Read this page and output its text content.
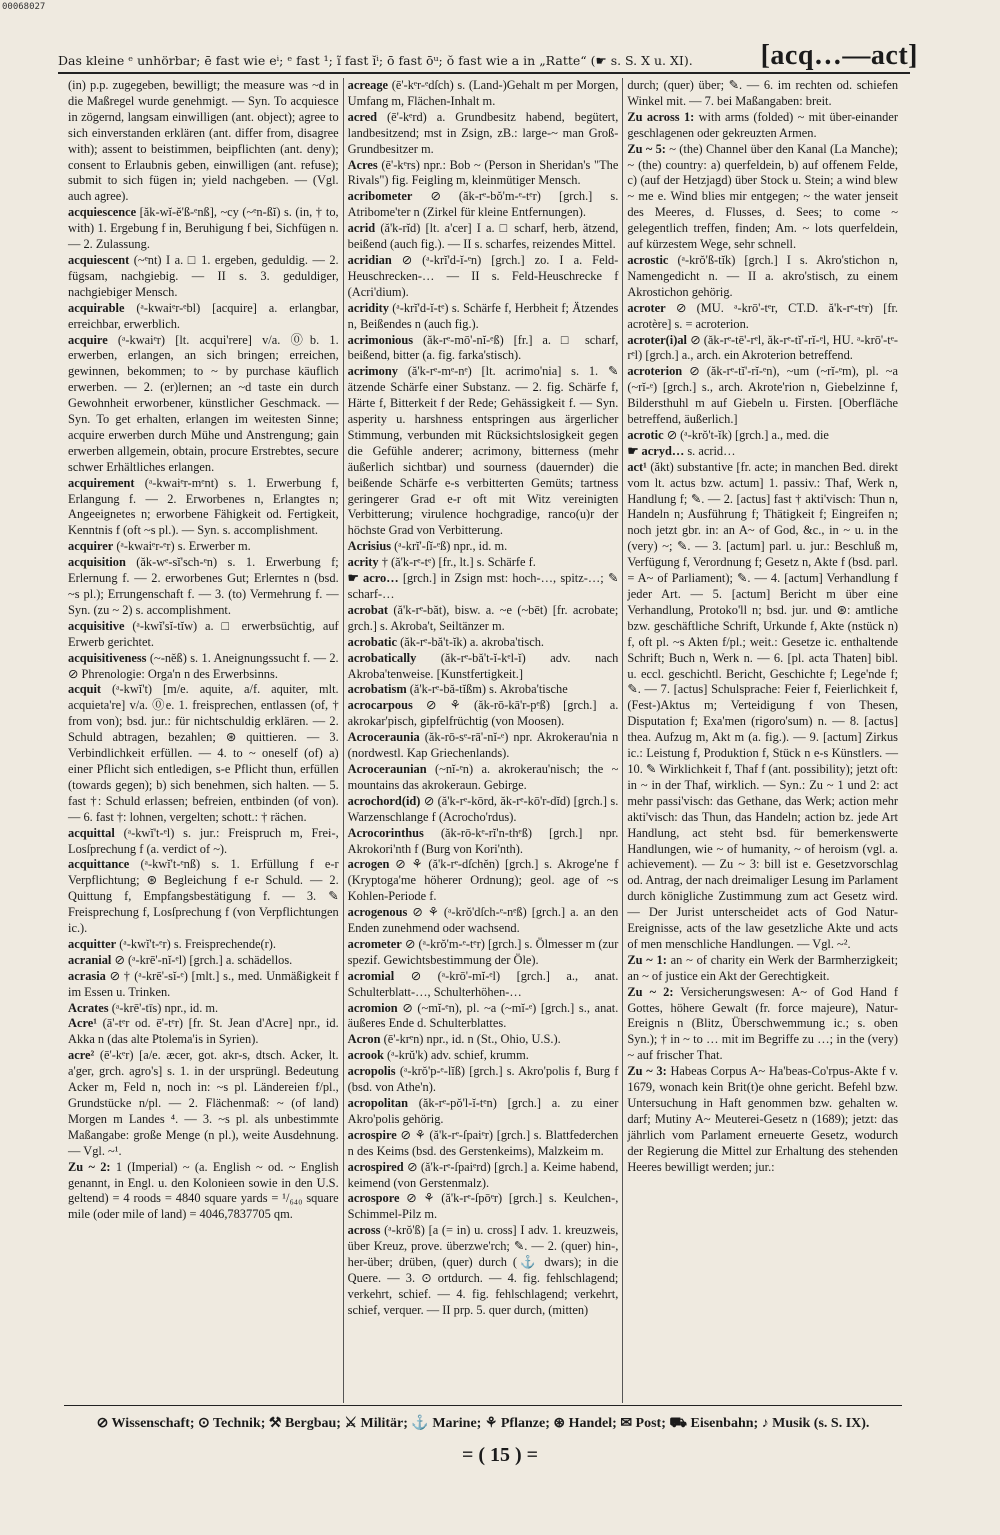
00068027
Das kleine ᵉ unhörbar; ē fast wie eⁱ; ᵉ fast ¹; ĩ fast ĭⁱ; ō fast ōᵘ; ŏ fast wie a in „Ratte“ (☛ s. S. X u. XI). [acq…—act]

(in) p.p. zugegeben, bewilligt; the measure was ~d in die Maßregel wurde genehmigt. — Syn. To acquiesce in zögernd, langsam einwilligen (ant. object); agree to sich einverstanden erklären (ant. differ from, disagree with); assent to beistimmen, beipflichten (ant. deny); consent to Erlaubnis geben, einwilligen (ant. refuse); submit to sich fügen in; yield nachgeben. — (Vgl. auch agree).

acquiescence [ăk-wĭ-ĕ'ß-ᵉnß], ~cy (~ᵉn-ßĭ) s. (in, † to, with) 1. Ergebung f in, Beruhigung f bei, Sichfügen n.— 2. Zulassung.

acquiescent (~ᵉnt) I a. □ 1. ergeben, geduldig. — 2. fügsam, nachgiebig. — II s. 3. geduldiger, nachgiebiger Mensch.

acquirable (ᵃ-kwaiᵉr-ᵉbl) [acquire] a. erlangbar, erreichbar, erwerblich.

acquire (ᵃ-kwaiᵉr) [lt. acqui'rere] v/a. ⓪b. 1. erwerben, erlangen, an sich bringen; erreichen, gewinnen, bekommen; to ~ by purchase käuflich erwerben. — 2. (er)lernen; an ~d taste ein durch Gewohnheit erworbener, künstlicher Geschmack. — Syn. To get erhalten, erlangen im weitesten Sinne; acquire erwerben durch Mühe und Anstrengung; gain erwerben allgemein, obtain, procure Erstrebtes, secure schwer Erhältliches erlangen.

acquirement (ᵃ-kwaiᵉr-mᵉnt) s. 1. Erwerbung f, Erlangung f. — 2. Erworbenes n, Erlangtes n; Angeeignetes n; erworbene Fähigkeit od. Fertigkeit, Kenntnis f (oft ~s pl.). — Syn. s. accomplishment.

acquirer (ᵃ-kwaiᵉr-ᵉr) s. Erwerber m.

acquisition (ăk-wᵉ-sĭ'sch-ᵉn) s. 1. Erwerbung f; Erlernung f. — 2. erworbenes Gut; Erlerntes n (bsd. ~s pl.); Errungenschaft f. — 3. (to) Vermehrung f. — Syn. (zu ~ 2) s. accomplishment.

acquisitive (ᵃ-kwĭ'sĭ-tĭw) a. □ erwerbsüchtig, auf Erwerb gerichtet.

acquisitiveness (~-nĕß) s. 1. Aneignungssucht f. — 2. ⊘ Phrenologie: Orga'n n des Erwerbsinns.

acquit (ᵃ-kwĭ't) [m/e. aquite, a/f. aquiter, mlt. acquieta're] v/a. ⓪e. 1. freisprechen, entlassen (of, † from von); bsd. jur.: für nichtschuldig erklären. — 2. Schuld abtragen, bezahlen; ⊛ quittieren. — 3. Verbindlichkeit erfüllen. — 4. to ~ oneself (of) a) einer Pflicht sich entledigen, s-e Pflicht thun, erfüllen (towards gegen); b) sich benehmen, sich halten. — 5. fast †: Schuld erlassen; befreien, entbinden (of von). — 6. fast †: lohnen, vergelten; schott.: † rächen.

acquittal (ᵃ-kwĭ't-ᵉl) s. jur.: Freispruch m, Frei-, Losſprechung f (a. verdict of ~).

acquittance (ᵃ-kwĭ't-ᵉnß) s. 1. Erfüllung f e-r Verpflichtung; ⊛ Begleichung f e-r Schuld. — 2. Quittung f, Empfangsbestätigung f. — 3. ✎ Freisprechung f, Losſprechung f (von Verpflichtungen ic.).

acquitter (ᵃ-kwĭ't-ᵉr) s. Freisprechende(r).

acranial ⊘ (ᵃ-krē'-nĭ-ᵉl) [grch.] a. schädellos.

acrasia ⊘ † (ᵃ-krē'-sĭ-ᵉ) [mlt.] s., med. Unmäßigkeit f im Essen u. Trinken.

Acrates (ᵃ-krē'-tīs) npr., id. m.

Acre¹ (ā'-tᵉr od. ē'-tᵉr) [fr. St. Jean d'Acre] npr., id. Akka n (das alte Ptolema'is in Syrien).

acre² (ē'-kᵉr) [a/e. æcer, got. akr-s, dtsch. Acker, lt. a'ger, grch. agro's] s. 1. in der ursprüngl. Bedeutung Acker m, Feld n, noch in: ~s pl. Ländereien f/pl., Grundstücke n/pl. — 2. Flächenmaß: ~ (of land) Morgen m Landes ⁴. — 3. ~s pl. als unbestimmte Maßangabe: große Menge (n pl.), weite Ausdehnung. — Vgl. ~¹.

Zu ~ 2: 1 (Imperial) ~ (a. English ~ od. ~ English genannt, in Engl. u. den Kolonieen sowie in den U.S. geltend) = 4 roods = 4840 square yards = ¹/₆₄₀ square mile (oder mile of land) = 4046,7837705 qm.

acreage (ē'-kᵉr-ᵉdſch) s. (Land-)Gehalt m per Morgen, Umfang m, Flächen-Inhalt m.

acred (ē'-kᵉrd) a. Grundbesitz habend, begütert, landbesitzend; mst in Zsign, zB.: large-~ man Groß-Grundbesitzer m.

Acres (ē'-kᵉrs) npr.: Bob ~ (Person in Sheridan's "The Rivals") fig. Feigling m, kleinmütiger Mensch.

acribometer ⊘ (ăk-rᵉ-bŏ'm-ᵉ-tᵉr) [grch.] s. Atribome'ter n (Zirkel für kleine Entfernungen).

acrid (ă'k-rĭd) [lt. a'cer] I a. □ scharf, herb, ätzend, beißend (auch fig.). — II s. scharfes, reizendes Mittel.

acridian ⊘ (ᵃ-krĭ'd-ĭ-ᵉn) [grch.] zo. I a. Feld-Heuschrecken-… — II s. Feld-Heuschrecke f (Acri'dium).

acridity (ᵃ-krĭ'd-ĭ-tᵉ) s. Schärfe f, Herbheit f; Ätzendes n, Beißendes n (auch fig.).

acrimonious (ăk-rᵉ-mō'-nĭ-ᵉß) [fr.] a. □ scharf, beißend, bitter (a. fig. farka'stisch).

acrimony (ă'k-rᵉ-mᵉ-nᵉ) [lt. acrimo'nia] s. 1. ✎ ätzende Schärfe einer Substanz. — 2. fig. Schärfe f, Härte f, Bitterkeit f der Rede; Gehässigkeit f. — Syn. asperity u. harshness entspringen aus ärgerlicher Stimmung, verbunden mit Rücksichtslosigkeit gegen die Gefühle anderer; acrimony, bitterness (mehr äußerlich sichtbar) und sourness (dauernder) die beißende Schärfe e-s verbitterten Gemüts; tartness geringerer Grad e-r oft mit Witz vereinigten Verbitterung; virulence hochgradige, ranco(u)r der höchste Grad von Verbitterung.

Acrisius (ᵃ-krĭ'-ſĭ-ᵉß) npr., id. m.

acrity † (ă'k-rᵉ-tᵉ) [fr., lt.] s. Schärfe f.

☛ acro… [grch.] in Zsign mst: hoch-…, spitz-…; ✎ scharf-…

acrobat (ă'k-rᵉ-băt), bisw. a. ~e (~bēt) [fr. acrobate; grch.] s. Akroba't, Seiltänzer m.

acrobatic (ăk-rᵉ-bă't-ĭk) a. akroba'tisch.

acrobatically (ăk-rᵉ-bă't-ĭ-kᵉl-ĭ) adv. nach Akroba'tenweise. [Kunstfertigkeit.]

acrobatism (ă'k-rᵉ-bă-tĭßm) s. Akroba'tische

acrocarpous ⊘ ⚘ (ăk-rō-kā'r-pᵉß) [grch.] a. akrokar'pisch, gipfelfrüchtig (von Moosen).

Acroceraunia (ăk-rō-sᵉ-rā'-nĭ-ᵉ) npr. Akrokerau'nia n (nordwestl. Kap Griechenlands).

Acroceraunian (~nĭ-ᵉn) a. akrokerau'nisch; the ~ mountains das akrokeraun. Gebirge.

acrochord(id) ⊘ (ă'k-rᵉ-kōrd, ăk-rᵉ-kō'r-dĭd) [grch.] s. Warzenschlange f (Acrocho'rdus).

Acrocorinthus (ăk-rō-kᵉ-rĭ'n-thᵉß) [grch.] npr. Akrokori'nth f (Burg von Kori'nth).

acrogen ⊘ ⚘ (ă'k-rᵉ-dſchĕn) [grch.] s. Akroge'ne f (Kryptoga'me höherer Ordnung); geol. age of ~s Kohlen-Periode f.

acrogenous ⊘ ⚘ (ᵃ-krŏ'dſch-ᵉ-nᵉß) [grch.] a. an den Enden zunehmend oder wachsend.

acrometer ⊘ (ᵃ-krŏ'm-ᵉ-tᵉr) [grch.] s. Ölmesser m (zur spezif. Gewichtsbestimmung der Öle).

acromial ⊘ (ᵃ-krō'-mĭ-ᵉl) [grch.] a., anat. Schulterblatt-…, Schulterhöhen-…

acromion ⊘ (~mĭ-ᵉn), pl. ~a (~mĭ-ᵉ) [grch.] s., anat. äußeres Ende d. Schulterblattes.

Acron (ē'-krᵉn) npr., id. n (St., Ohio, U.S.).

acrook (ᵃ-krŭ'k) adv. schief, krumm.

acropolis (ᵃ-krŏ'p-ᵉ-lĭß) [grch.] s. Akro'polis f, Burg f (bsd. von Athe'n).

acropolitan (ăk-rᵉ-pŏ'l-ĭ-tᵉn) [grch.] a. zu einer Akro'polis gehörig.

acrospire ⊘ ⚘ (ă'k-rᵉ-ſpaiᵉr) [grch.] s. Blattfederchen n des Keims (bsd. des Gerstenkeims), Malzkeim m.

acrospired ⊘ (ă'k-rᵉ-ſpaiᵉrd) [grch.] a. Keime habend, keimend (von Gerstenmalz).

acrospore ⊘ ⚘ (ă'k-rᵉ-ſpōᵉr) [grch.] s. Keulchen-, Schimmel-Pilz m.

across (ᵃ-krŏ'ß) [a (= in) u. cross] I adv. 1. kreuzweis, über Kreuz, prove. überzwe'rch; ✎. — 2. (quer) hin-, her-über; drüben, (quer) durch (⚓ dwars); in die Quere. — 3. ⊙ ortdurch. — 4. fig. fehlschlagend; verkehrt, schief. — 4. fig. fehlschlagend; verkehrt, schief, verquer. — II prp. 5. quer durch, (mitten)

durch; (quer) über; ✎. — 6. im rechten od. schiefen Winkel mit. — 7. bei Maßangaben: breit.

Zu across 1: with arms (folded) ~ mit über-einander geschlagenen oder gekreuzten Armen.

Zu ~ 5: ~ (the) Channel über den Kanal (La Manche); ~ (the) country: a) querfeldein, b) auf offenem Felde, c) (auf der Hetzjagd) über Stock u. Stein; a wind blew ~ me e. Wind blies mir entgegen; ~ the water jenseit des Meeres, d. Flusses, d. Sees; to come ~ gelegentlich treffen, finden; Am. ~ lots querfeldein, auf kürzestem Wege, sehr schnell.

acrostic (ᵃ-krŏ'ß-tĭk) [grch.] I s. Akro'stichon n, Namengedicht n. — II a. akro'stisch, zu einem Akrostichon gehörig.

acroter ⊘ (MU. ᵃ-krō'-tᵉr, CT.D. ă'k-rᵉ-tᵉr) [fr. acrotère] s. = acroterion.

acroter(i)al ⊘ (ăk-rᵉ-tē'-rᵉl, ăk-rᵉ-tĭ'-rĭ-ᵉl, HU. ᵃ-krō'-tᵉ-rᵉl) [grch.] a., arch. ein Akroterion betreffend.

acroterion ⊘ (ăk-rᵉ-tĭ'-rĭ-ᵉn), ~um (~rĭ-ᵉm), pl. ~a (~rĭ-ᵉ) [grch.] s., arch. Akrote'rion n, Giebelzinne f, Bildersthuhl m auf Giebeln u. Firsten. [Oberfläche betreffend, äußerlich.]

acrotic ⊘ (ᵃ-krŏ't-ĭk) [grch.] a., med. die

☛ acryd… s. acrid…

act¹ (ăkt) substantive [fr. acte; in manchen Bed. direkt vom lt. actus bzw. actum] 1. passiv.: Thaf, Werk n, Handlung f; ✎. — 2. [actus] fast † akti'visch: Thun n, Handeln n; Ausführung f; Thätigkeit f; Eingreifen n; noch jetzt gbr. in: an A~ of God, &c., in ~ u. in the (very) ~; ✎. — 3. [actum] parl. u. jur.: Beschluß m, Verfügung f, Verordnung f; Gesetz n, Akte f (bsd. parl. = A~ of Parliament); ✎. — 4. [actum] Verhandlung f jeder Art. — 5. [actum] Bericht m über eine Verhandlung, Protoko'll n; bsd. jur. und ⊛: amtliche bzw. geschäftliche Schrift, Urkunde f, Akte (nstück n) f, oft pl. ~s Akten f/pl.; weit.: Gesetze ic. enthaltende Schrift; Buch n, Werk n. — 6. [pl. acta Thaten] bibl. u. eccl. geschichtl. Bericht, Geschichte f; Lege'nde f; ✎. — 7. [actus] Schulsprache: Feier f, Feierlichkeit f, (Fest-)Aktus m; Verteidigung f von Thesen, Disputation f; Exa'men (rigoro'sum) n. — 8. [actus] thea. Aufzug m, Akt m (a. fig.). — 9. [actum] Zirkus ic.: Leistung f, Produktion f, Stück n e-s Künstlers. — 10. ✎ Wirklichkeit f, Thaf f (ant. possibility); jetzt oft: in ~ in der Thaf, wirklich. — Syn.: Zu ~ 1 und 2: act mehr passi'visch: das Gethane, das Werk; action mehr akti'visch: das Thun, das Handeln; action bz. jede Art Handlung, act steht bsd. für bemerkenswerte Handlungen, wie ~ of humanity, ~ of heroism (vgl. a. achievement). — Zu ~ 3: bill ist e. Gesetzvorschlag od. Antrag, der nach dreimaliger Lesung im Parlament durch königliche Zustimmung zum act Gesetz wird. — Der Jurist unterscheidet acts of God Natur-Ereignisse, acts of the law gesetzliche Akte und acts of men menschliche Handlungen. — Vgl. ~².

Zu ~ 1: an ~ of charity ein Werk der Barmherzigkeit; an ~ of justice ein Akt der Gerechtigkeit.

Zu ~ 2: Versicherungswesen: A~ of God Hand f Gottes, höhere Gewalt (fr. force majeure), Natur-Ereignis n (Blitz, Überschwemmung ic.; s. oben Syn.); † in ~ to … mit im Begriffe zu …; in the (very) ~ auf frischer That.

Zu ~ 3: Habeas Corpus A~ Ha'beas-Co'rpus-Akte f v. 1679, wonach kein Brit(t)e ohne gericht. Befehl bzw. Untersuchung in Haft genommen bzw. gehalten w. darf; Mutiny A~ Meuterei-Gesetz n (1689); jetzt: das jährlich vom Parlament erneuerte Gesetz, wodurch der Regierung die Mittel zur Erhaltung des stehenden Heeres bewilligt werden; jur.:

⊘ Wissenschaft; ⊙ Technik; ⚒ Bergbau; ⚔ Militär; ⚓ Marine; ⚘ Pflanze; ⊛ Handel; ✉ Post; ⛟ Eisenbahn; ♪ Musik (s. S. IX).
= ( 15 ) =
